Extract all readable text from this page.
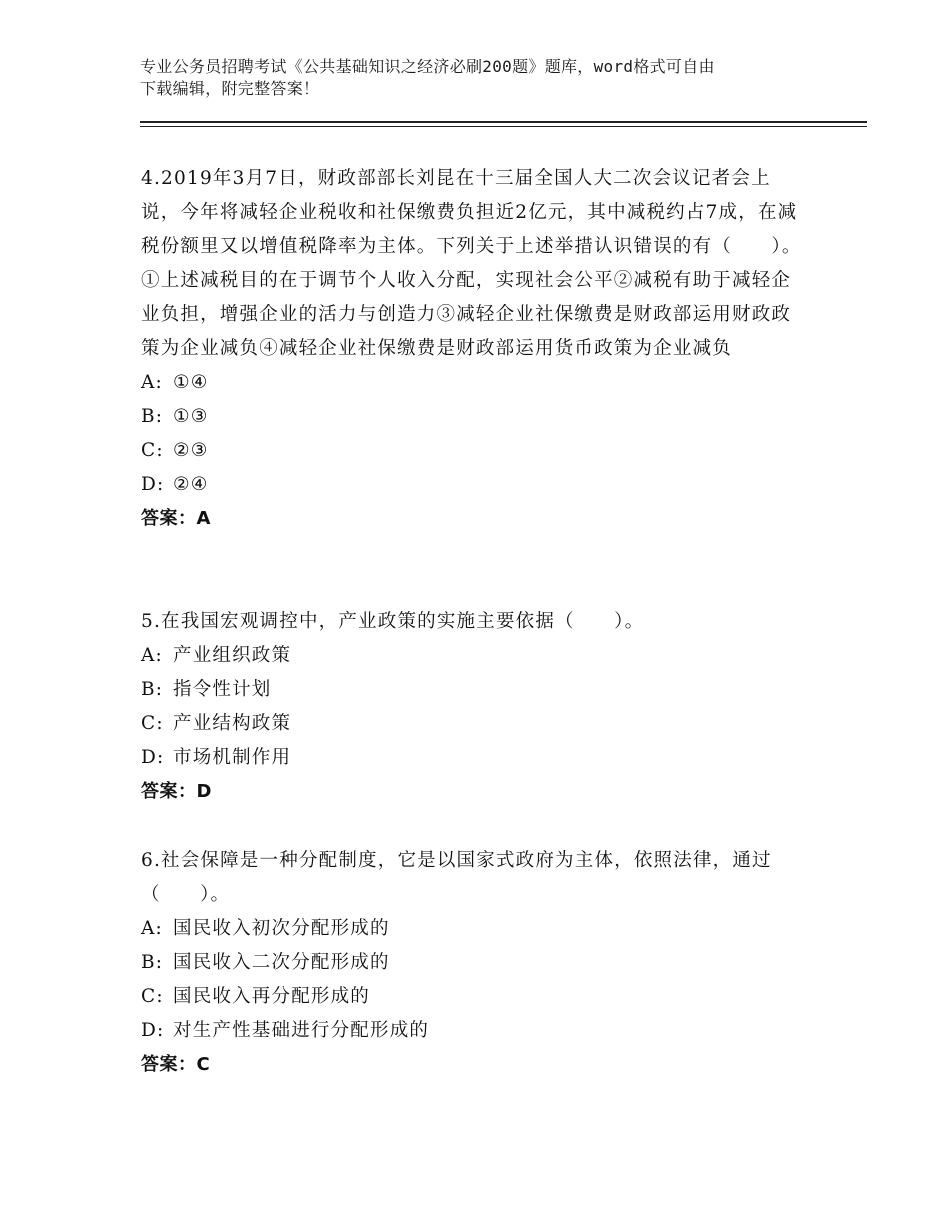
专业公务员招聘考试《公共基础知识之经济必刷200题》题库，word格式可自由
下载编辑，附完整答案！

4.2019年3月7日，财政部部长刘昆在十三届全国人大二次会议记者会上说，今年将减轻企业税收和社保缴费负担近2亿元，其中减税约占7成，在减税份额里又以增值税降率为主体。下列关于上述举措认识错误的有（　　）。①上述减税目的在于调节个人收入分配，实现社会公平②减税有助于减轻企业负担，增强企业的活力与创造力③减轻企业社保缴费是财政部运用财政政策为企业减负④减轻企业社保缴费是财政部运用货币政策为企业减负

A: ①④

B: ①③

C: ②③

D: ②④

答案：A

5.在我国宏观调控中，产业政策的实施主要依据（　　）。

A: 产业组织政策

B: 指令性计划

C: 产业结构政策

D: 市场机制作用

答案：D

6.社会保障是一种分配制度，它是以国家式政府为主体，依照法律，通过（　　）。

A: 国民收入初次分配形成的

B: 国民收入二次分配形成的

C: 国民收入再分配形成的

D: 对生产性基础进行分配形成的

答案：C
